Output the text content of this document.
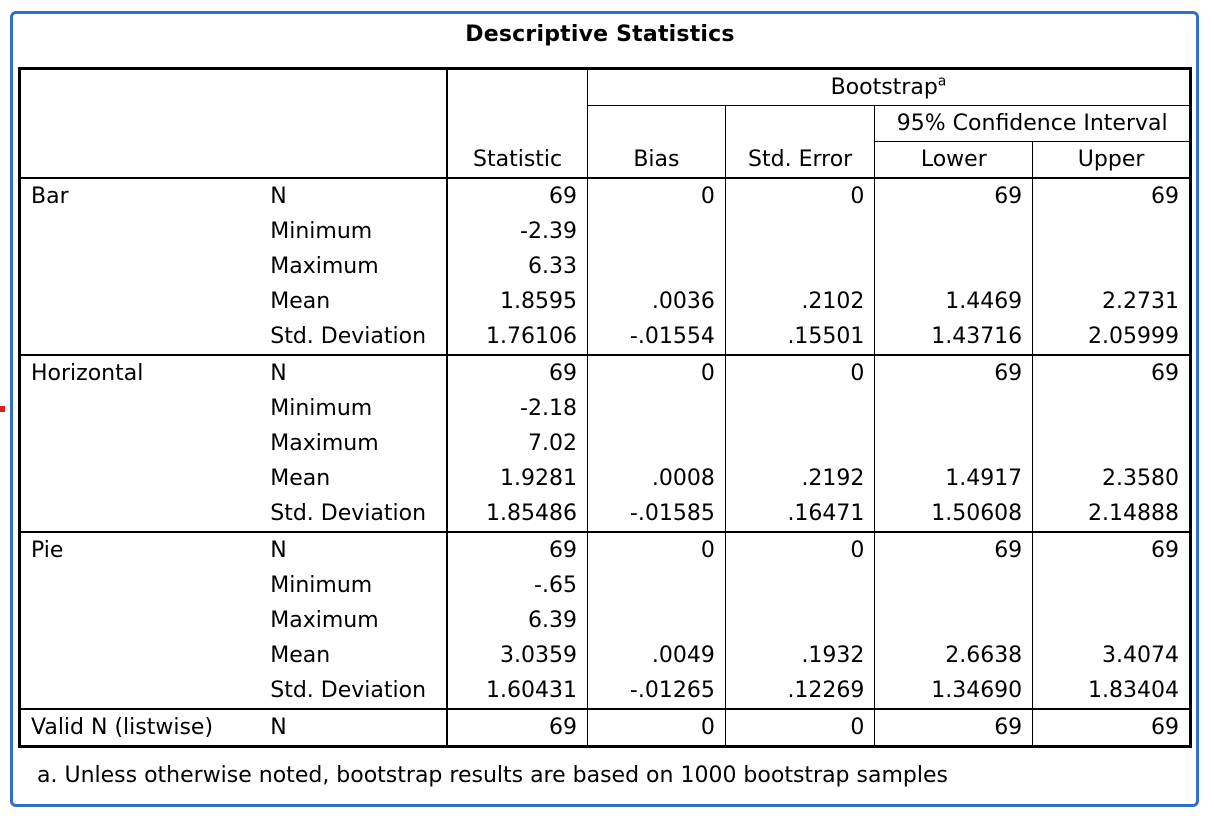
Descriptive Statistics
			Bootstrap$^a$
			Bias	Std. Error	95% Confidence Interval	
		Statistic			Lower	Upper
Bar	N	69	0	0	69	69
	Minimum	-2.39				
	Maximum	6.33				
	Mean	1.8595	.0036	.2102	1.4469	2.2731
	Std. Deviation	1.76106	-.01554	.15501	1.43716	2.05999
Horizontal	N	69	0	0	69	69
	Minimum	-2.18				
	Maximum	7.02				
	Mean	1.9281	.0008	.2192	1.4917	2.3580
	Std. Deviation	1.85486	-.01585	.16471	1.50608	2.14888
Pie	N	69	0	0	69	69
	Minimum	-.65				
	Maximum	6.39				
	Mean	3.0359	.0049	.1932	2.6638	3.4074
	Std. Deviation	1.60431	-.01265	.12269	1.34690	1.83404
Valid N (listwise)	N	69	0	0	69	69
a. Unless otherwise noted, bootstrap results are based on 1000 bootstrap samples
